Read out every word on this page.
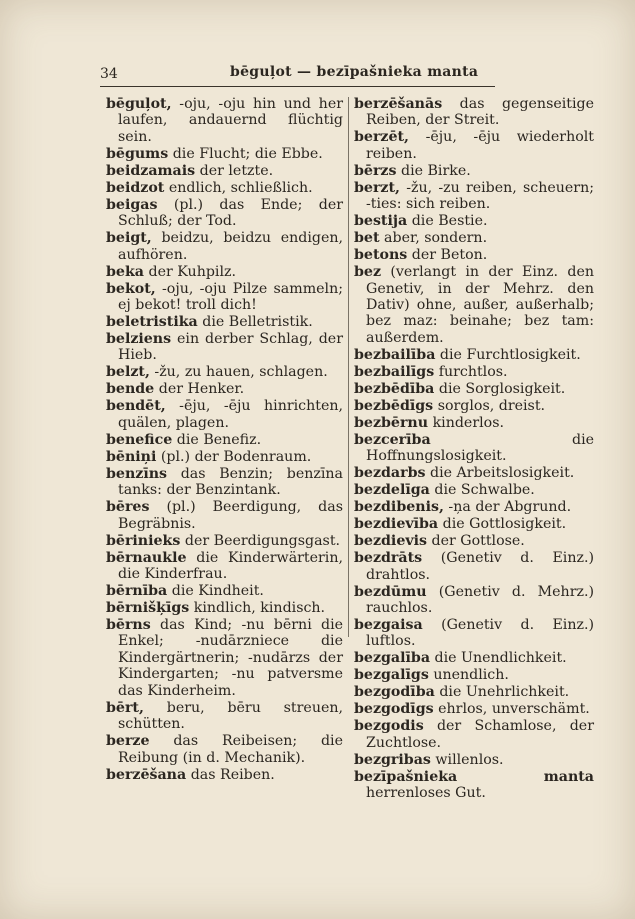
34	bēguļot — bezīpašnieka manta

bēguļot, -oju, -oju hin und her laufen, andauernd flüchtig sein.

bēgums die Flucht; die Ebbe.

beidzamais der letzte.

beidzot endlich, schließlich.

beigas (pl.) das Ende; der Schluß; der Tod.

beigt, beidzu, beidzu endigen, aufhören.

beka der Kuhpilz.

bekot, -oju, -oju Pilze sammeln; ej bekot! troll dich!

beletristika die Belletristik.

belziens ein derber Schlag, der Hieb.

belzt, -žu, zu hauen, schlagen.

bende der Henker.

bendēt, -ēju, -ēju hinrichten, quälen, plagen.

benefice die Benefiz.

bēniņi (pl.) der Bodenraum.

benzīns das Benzin; benzīna tanks: der Benzintank.

bēres (pl.) Beerdigung, das Begräbnis.

bērinieks der Beerdigungsgast.

bērnaukle die Kinderwärterin, die Kinderfrau.

bērnība die Kindheit.

bērnišķīgs kindlich, kindisch.

bērns das Kind; -nu bērni die Enkel; -nudārzniece die Kindergärtnerin; -nudārzs der Kindergarten; -nu patversme das Kinderheim.

bērt, beru, bēru streuen, schütten.

berze das Reibeisen; die Reibung (in d. Mechanik).

berzēšana das Reiben.

berzēšanās das gegenseitige Reiben, der Streit.

berzēt, -ēju, -ēju wiederholt reiben.

bērzs die Birke.

berzt, -žu, -zu reiben, scheuern; -ties: sich reiben.

bestija die Bestie.

bet aber, sondern.

betons der Beton.

bez (verlangt in der Einz. den Genetiv, in der Mehrz. den Dativ) ohne, außer, außerhalb; bez maz: beinahe; bez tam: außerdem.

bezbailība die Furchtlosigkeit.

bezbailīgs furchtlos.

bezbēdība die Sorglosigkeit.

bezbēdīgs sorglos, dreist.

bezbērnu kinderlos.

bezcerība	die Hoffnungslosigkeit.

bezdarbs die Arbeitslosigkeit.

bezdelīga die Schwalbe.

bezdibenis, -ņa der Abgrund.

bezdievība die Gottlosigkeit.

bezdievis der Gottlose.

bezdrāts (Genetiv d. Einz.) drahtlos.

bezdūmu (Genetiv d. Mehrz.) rauchlos.

bezgaisa (Genetiv d. Einz.) luftlos.

bezgalība die Unendlichkeit.

bezgalīgs unendlich.

bezgodība die Unehrlichkeit.

bezgodīgs ehrlos, unverschämt.

bezgodis der Schamlose, der Zuchtlose.

bezgribas willenlos.

bezīpašnieka manta herrenloses Gut.
